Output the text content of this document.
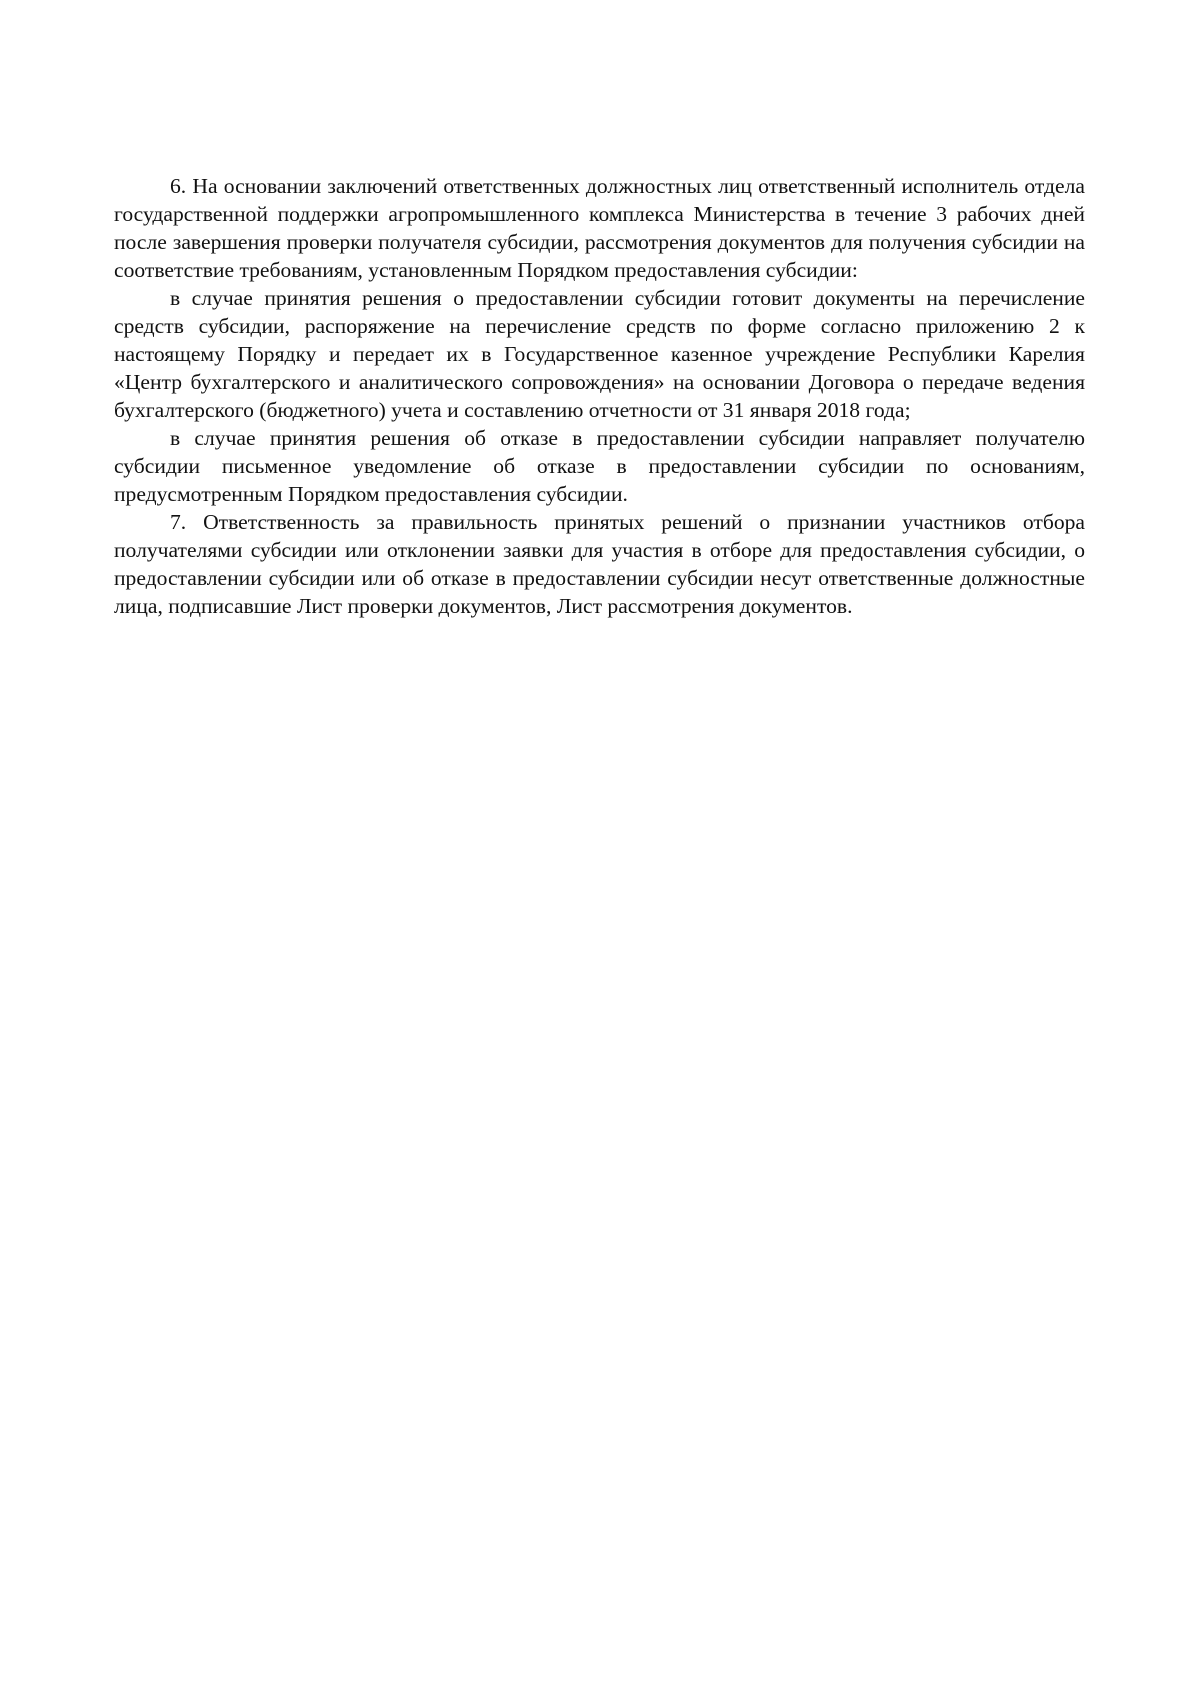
6. На основании заключений ответственных должностных лиц ответственный исполнитель отдела государственной поддержки агропромышленного комплекса Министерства в течение 3 рабочих дней после завершения проверки получателя субсидии, рассмотрения документов для получения субсидии на соответствие требованиям, установленным Порядком предоставления субсидии:

в случае принятия решения о предоставлении субсидии готовит документы на перечисление средств субсидии, распоряжение на перечисление средств по форме согласно приложению 2 к настоящему Порядку и передает их в Государственное казенное учреждение Республики Карелия «Центр бухгалтерского и аналитического сопровождения» на основании Договора о передаче ведения бухгалтерского (бюджетного) учета и составлению отчетности от 31 января 2018 года;

в случае принятия решения об отказе в предоставлении субсидии направляет получателю субсидии письменное уведомление об отказе в предоставлении субсидии по основаниям, предусмотренным Порядком предоставления субсидии.

7. Ответственность за правильность принятых решений о признании участников отбора получателями субсидии или отклонении заявки для участия в отборе для предоставления субсидии, о предоставлении субсидии или об отказе в предоставлении субсидии несут ответственные должностные лица, подписавшие Лист проверки документов, Лист рассмотрения документов.
